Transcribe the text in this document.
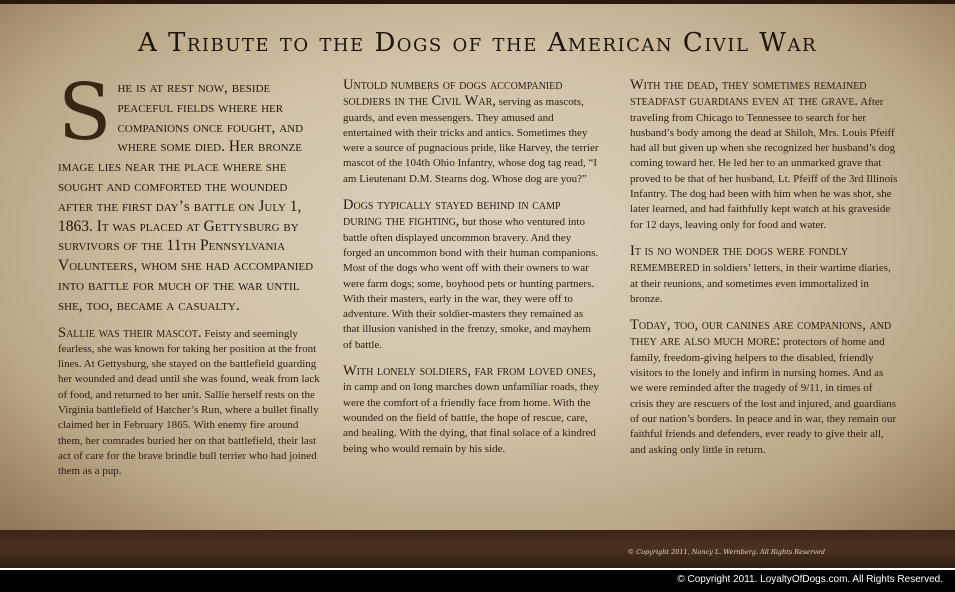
A Tribute to the Dogs of the American Civil War

She is at rest now, beside peaceful fields where her companions once fought, and where some died. Her bronze image lies near the place where she sought and comforted the wounded after the first day’s battle on July 1, 1863. It was placed at Gettysburg by survivors of the 11th Pennsylvania Volunteers, whom she had accompanied into battle for much of the war until she, too, became a casualty.

Sallie was their mascot. Feisty and seemingly fearless, she was known for taking her position at the front lines. At Gettysburg, she stayed on the battlefield guarding her wounded and dead until she was found, weak from lack of food, and returned to her unit. Sallie herself rests on the Virginia battlefield of Hatcher’s Run, where a bullet finally claimed her in February 1865. With enemy fire around them, her comrades buried her on that battlefield, their last act of care for the brave brindle bull terrier who had joined them as a pup.

Untold numbers of dogs accompanied soldiers in the Civil War, serving as mascots, guards, and even messengers. They amused and entertained with their tricks and antics. Sometimes they were a source of pugnacious pride, like Harvey, the terrier mascot of the 104th Ohio Infantry, whose dog tag read, “I am Lieutenant D.M. Stearns dog. Whose dog are you?”

Dogs typically stayed behind in camp during the fighting, but those who ventured into battle often displayed uncommon bravery. And they forged an uncommon bond with their human companions. Most of the dogs who went off with their owners to war were farm dogs; some, boyhood pets or hunting partners. With their masters, early in the war, they were off to adventure. With their soldier-masters they remained as that illusion vanished in the frenzy, smoke, and mayhem of battle.

With lonely soldiers, far from loved ones, in camp and on long marches down unfamiliar roads, they were the comfort of a friendly face from home. With the wounded on the field of battle, the hope of rescue, care, and healing. With the dying, that final solace of a kindred being who would remain by his side.

With the dead, they sometimes remained steadfast guardians even at the grave. After traveling from Chicago to Tennessee to search for her husband’s body among the dead at Shiloh, Mrs. Louis Pfeiff had all but given up when she recognized her husband’s dog coming toward her. He led her to an unmarked grave that proved to be that of her husband, Lt. Pfeiff of the 3rd Illinois Infantry. The dog had been with him when he was shot, she later learned, and had faithfully kept watch at his graveside for 12 days, leaving only for food and water.

It is no wonder the dogs were fondly remembered in soldiers’ letters, in their wartime diaries, at their reunions, and sometimes even immortalized in bronze.

Today, too, our canines are companions, and they are also much more: protectors of home and family, freedom-giving helpers to the disabled, friendly visitors to the lonely and infirm in nursing homes. And as we were reminded after the tragedy of 9/11, in times of crisis they are rescuers of the lost and injured, and guardians of our nation’s borders. In peace and in war, they remain our faithful friends and defenders, ever ready to give their all, and asking only little in return.

© Copyright 2011, Nancy L. Wernberg. All Rights Reserved
© Copyright 2011. LoyaltyOfDogs.com. All Rights Reserved.
